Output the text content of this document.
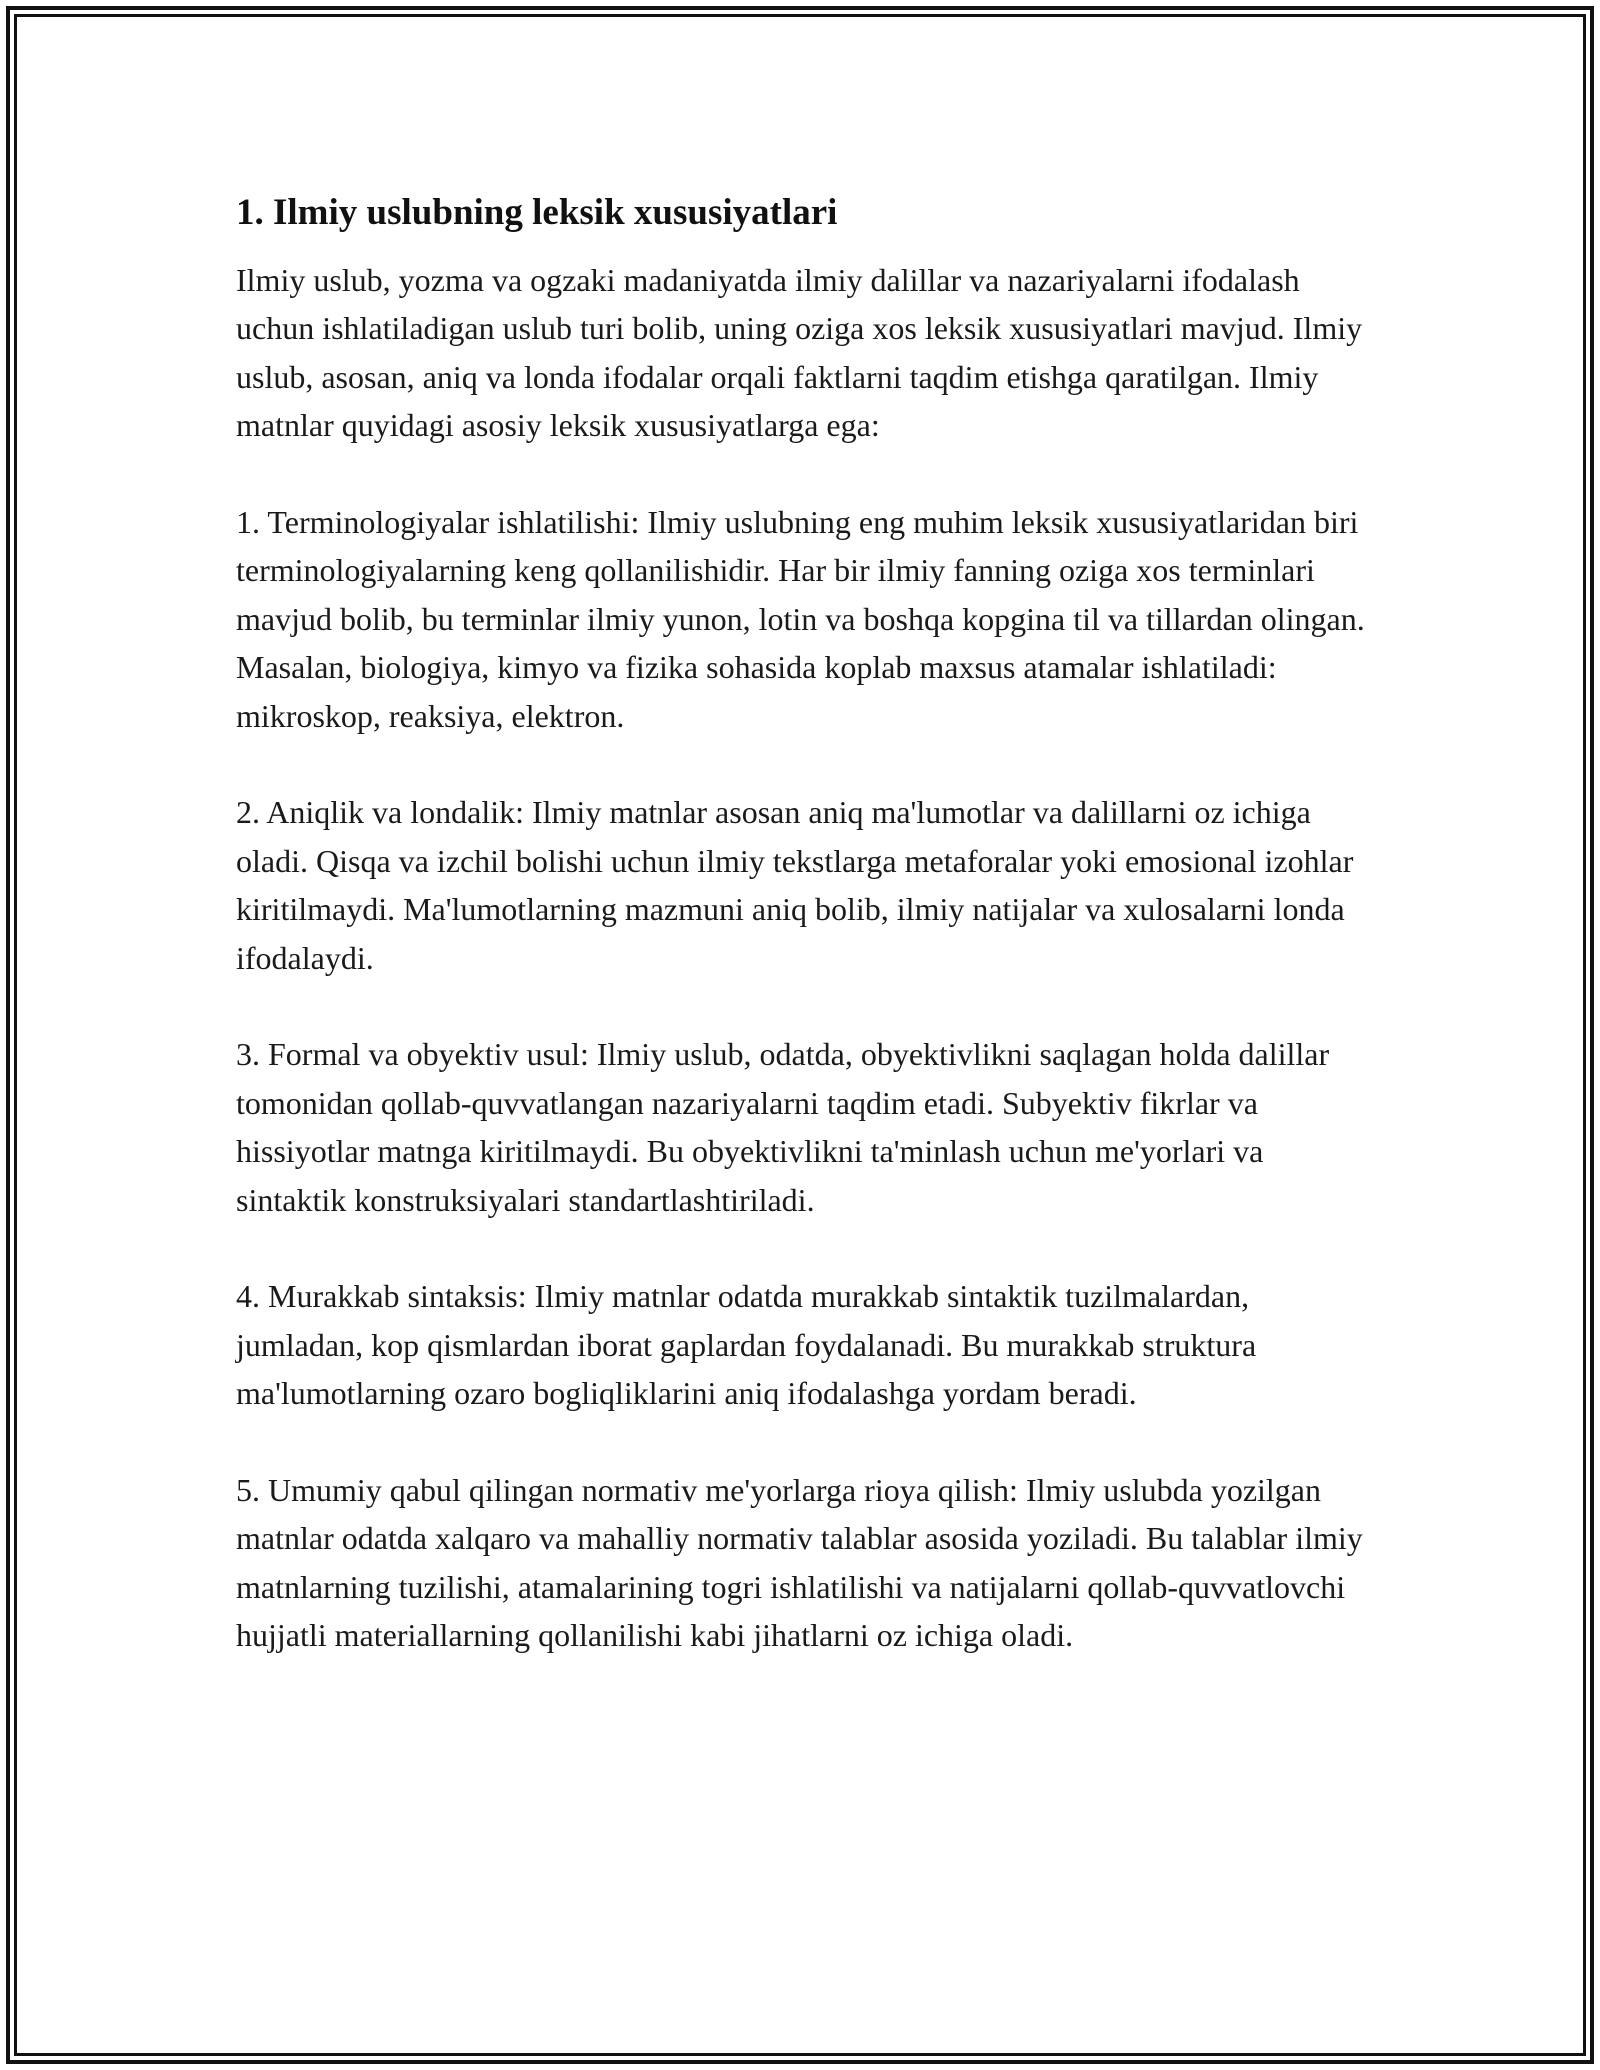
1. Ilmiy uslubning leksik xususiyatlari

Ilmiy uslub, yozma va ogzaki madaniyatda ilmiy dalillar va nazariyalarni ifodalash uchun ishlatiladigan uslub turi bolib, uning oziga xos leksik xususiyatlari mavjud. Ilmiy uslub, asosan, aniq va londa ifodalar orqali faktlarni taqdim etishga qaratilgan. Ilmiy matnlar quyidagi asosiy leksik xususiyatlarga ega:

1. Terminologiyalar ishlatilishi: Ilmiy uslubning eng muhim leksik xususiyatlaridan biri terminologiyalarning keng qollanilishidir. Har bir ilmiy fanning oziga xos terminlari mavjud bolib, bu terminlar ilmiy yunon, lotin va boshqa kopgina til va tillardan olingan. Masalan, biologiya, kimyo va fizika sohasida koplab maxsus atamalar ishlatiladi: mikroskop, reaksiya, elektron.

2. Aniqlik va londalik: Ilmiy matnlar asosan aniq ma'lumotlar va dalillarni oz ichiga oladi. Qisqa va izchil bolishi uchun ilmiy tekstlarga metaforalar yoki emosional izohlar kiritilmaydi. Ma'lumotlarning mazmuni aniq bolib, ilmiy natijalar va xulosalarni londa ifodalaydi.

3. Formal va obyektiv usul: Ilmiy uslub, odatda, obyektivlikni saqlagan holda dalillar tomonidan qollab-quvvatlangan nazariyalarni taqdim etadi. Subyektiv fikrlar va hissiyotlar matnga kiritilmaydi. Bu obyektivlikni ta'minlash uchun me'yorlari va sintaktik konstruksiyalari standartlashtiriladi.

4. Murakkab sintaksis: Ilmiy matnlar odatda murakkab sintaktik tuzilmalardan, jumladan, kop qismlardan iborat gaplardan foydalanadi. Bu murakkab struktura ma'lumotlarning ozaro bogliqliklarini aniq ifodalashga yordam beradi.

5. Umumiy qabul qilingan normativ me'yorlarga rioya qilish: Ilmiy uslubda yozilgan matnlar odatda xalqaro va mahalliy normativ talablar asosida yoziladi. Bu talablar ilmiy matnlarning tuzilishi, atamalarining togri ishlatilishi va natijalarni qollab-quvvatlovchi hujjatli materiallarning qollanilishi kabi jihatlarni oz ichiga oladi.
